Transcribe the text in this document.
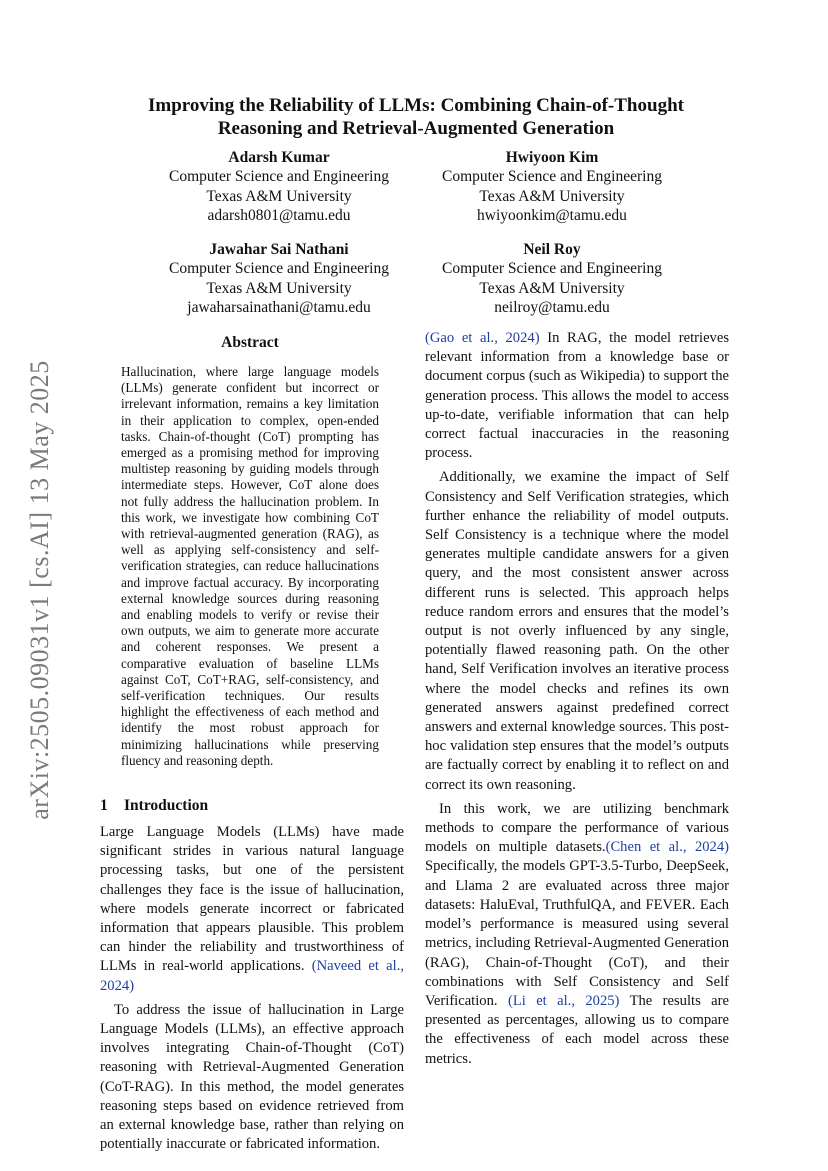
arXiv:2505.09031v1 [cs.AI] 13 May 2025
Improving the Reliability of LLMs: Combining Chain-of-Thought
Reasoning and Retrieval-Augmented Generation
Adarsh Kumar
Computer Science and Engineering
Texas A&M University
adarsh0801@tamu.edu
Hwiyoon Kim
Computer Science and Engineering
Texas A&M University
hwiyoonkim@tamu.edu
Jawahar Sai Nathani
Computer Science and Engineering
Texas A&M University
jawaharsainathani@tamu.edu
Neil Roy
Computer Science and Engineering
Texas A&M University
neilroy@tamu.edu
Abstract
Hallucination, where large language models (LLMs) generate confident but incorrect or irrelevant information, remains a key limitation in their application to complex, open-ended tasks. Chain-of-thought (CoT) prompting has emerged as a promising method for improving multistep reasoning by guiding models through intermediate steps. However, CoT alone does not fully address the hallucination problem. In this work, we investigate how combining CoT with retrieval-augmented generation (RAG), as well as applying self-consistency and self-verification strategies, can reduce hallucinations and improve factual accuracy. By incorporating external knowledge sources during reasoning and enabling models to verify or revise their own outputs, we aim to generate more accurate and coherent responses. We present a comparative evaluation of baseline LLMs against CoT, CoT+RAG, self-consistency, and self-verification techniques. Our results highlight the effectiveness of each method and identify the most robust approach for minimizing hallucinations while preserving fluency and reasoning depth.
1 Introduction

Large Language Models (LLMs) have made significant strides in various natural language processing tasks, but one of the persistent challenges they face is the issue of hallucination, where models generate incorrect or fabricated information that appears plausible. This problem can hinder the reliability and trustworthiness of LLMs in real-world applications. (Naveed et al., 2024)

To address the issue of hallucination in Large Language Models (LLMs), an effective approach involves integrating Chain-of-Thought (CoT) reasoning with Retrieval-Augmented Generation (CoT-RAG). In this method, the model generates reasoning steps based on evidence retrieved from an external knowledge base, rather than relying on potentially inaccurate or fabricated information.

(Gao et al., 2024) In RAG, the model retrieves relevant information from a knowledge base or document corpus (such as Wikipedia) to support the generation process. This allows the model to access up-to-date, verifiable information that can help correct factual inaccuracies in the reasoning process.

Additionally, we examine the impact of Self Consistency and Self Verification strategies, which further enhance the reliability of model outputs. Self Consistency is a technique where the model generates multiple candidate answers for a given query, and the most consistent answer across different runs is selected. This approach helps reduce random errors and ensures that the model’s output is not overly influenced by any single, potentially flawed reasoning path. On the other hand, Self Verification involves an iterative process where the model checks and refines its own generated answers against predefined correct answers and external knowledge sources. This post-hoc validation step ensures that the model’s outputs are factually correct by enabling it to reflect on and correct its own reasoning.

In this work, we are utilizing benchmark methods to compare the performance of various models on multiple datasets.(Chen et al., 2024) Specifically, the models GPT-3.5-Turbo, DeepSeek, and Llama 2 are evaluated across three major datasets: HaluEval, TruthfulQA, and FEVER. Each model’s performance is measured using several metrics, including Retrieval-Augmented Generation (RAG), Chain-of-Thought (CoT), and their combinations with Self Consistency and Self Verification. (Li et al., 2025) The results are presented as percentages, allowing us to compare the effectiveness of each model across these metrics.
